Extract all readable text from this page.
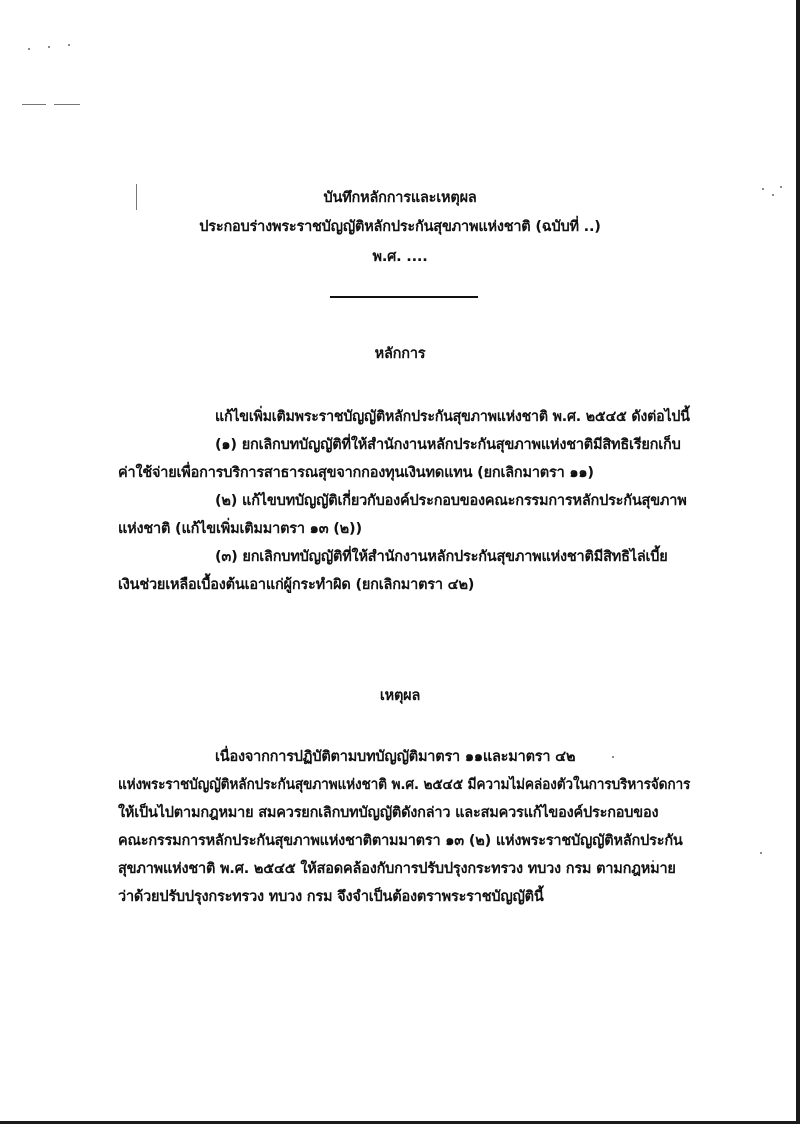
บันทึกหลักการและเหตุผล
ประกอบร่างพระราชบัญญัติหลักประกันสุขภาพแห่งชาติ (ฉบับที่ ..)
พ.ศ. ....
หลักการ
แก้ไขเพิ่มเติมพระราชบัญญัติหลักประกันสุขภาพแห่งชาติ พ.ศ. ๒๕๔๕ ดังต่อไปนี้
(๑) ยกเลิกบทบัญญัติที่ให้สำนักงานหลักประกันสุขภาพแห่งชาติมีสิทธิเรียกเก็บ
ค่าใช้จ่ายเพื่อการบริการสาธารณสุขจากกองทุนเงินทดแทน (ยกเลิกมาตรา ๑๑)
(๒) แก้ไขบทบัญญัติเกี่ยวกับองค์ประกอบของคณะกรรมการหลักประกันสุขภาพ
แห่งชาติ (แก้ไขเพิ่มเติมมาตรา ๑๓ (๒))
(๓) ยกเลิกบทบัญญัติที่ให้สำนักงานหลักประกันสุขภาพแห่งชาติมีสิทธิไล่เบี้ย
เงินช่วยเหลือเบื้องต้นเอาแก่ผู้กระทำผิด (ยกเลิกมาตรา ๔๒)
เหตุผล
เนื่องจากการปฏิบัติตามบทบัญญัติมาตรา ๑๑และมาตรา ๔๒
แห่งพระราชบัญญัติหลักประกันสุขภาพแห่งชาติ พ.ศ. ๒๕๔๕ มีความไม่คล่องตัวในการบริหารจัดการ
ให้เป็นไปตามกฎหมาย สมควรยกเลิกบทบัญญัติดังกล่าว และสมควรแก้ไของค์ประกอบของ
คณะกรรมการหลักประกันสุขภาพแห่งชาติตามมาตรา ๑๓ (๒) แห่งพระราชบัญญัติหลักประกัน
สุขภาพแห่งชาติ พ.ศ. ๒๕๔๕ ให้สอดคล้องกับการปรับปรุงกระทรวง ทบวง กรม ตามกฎหมาย
ว่าด้วยปรับปรุงกระทรวง ทบวง กรม จึงจำเป็นต้องตราพระราชบัญญัตินี้
